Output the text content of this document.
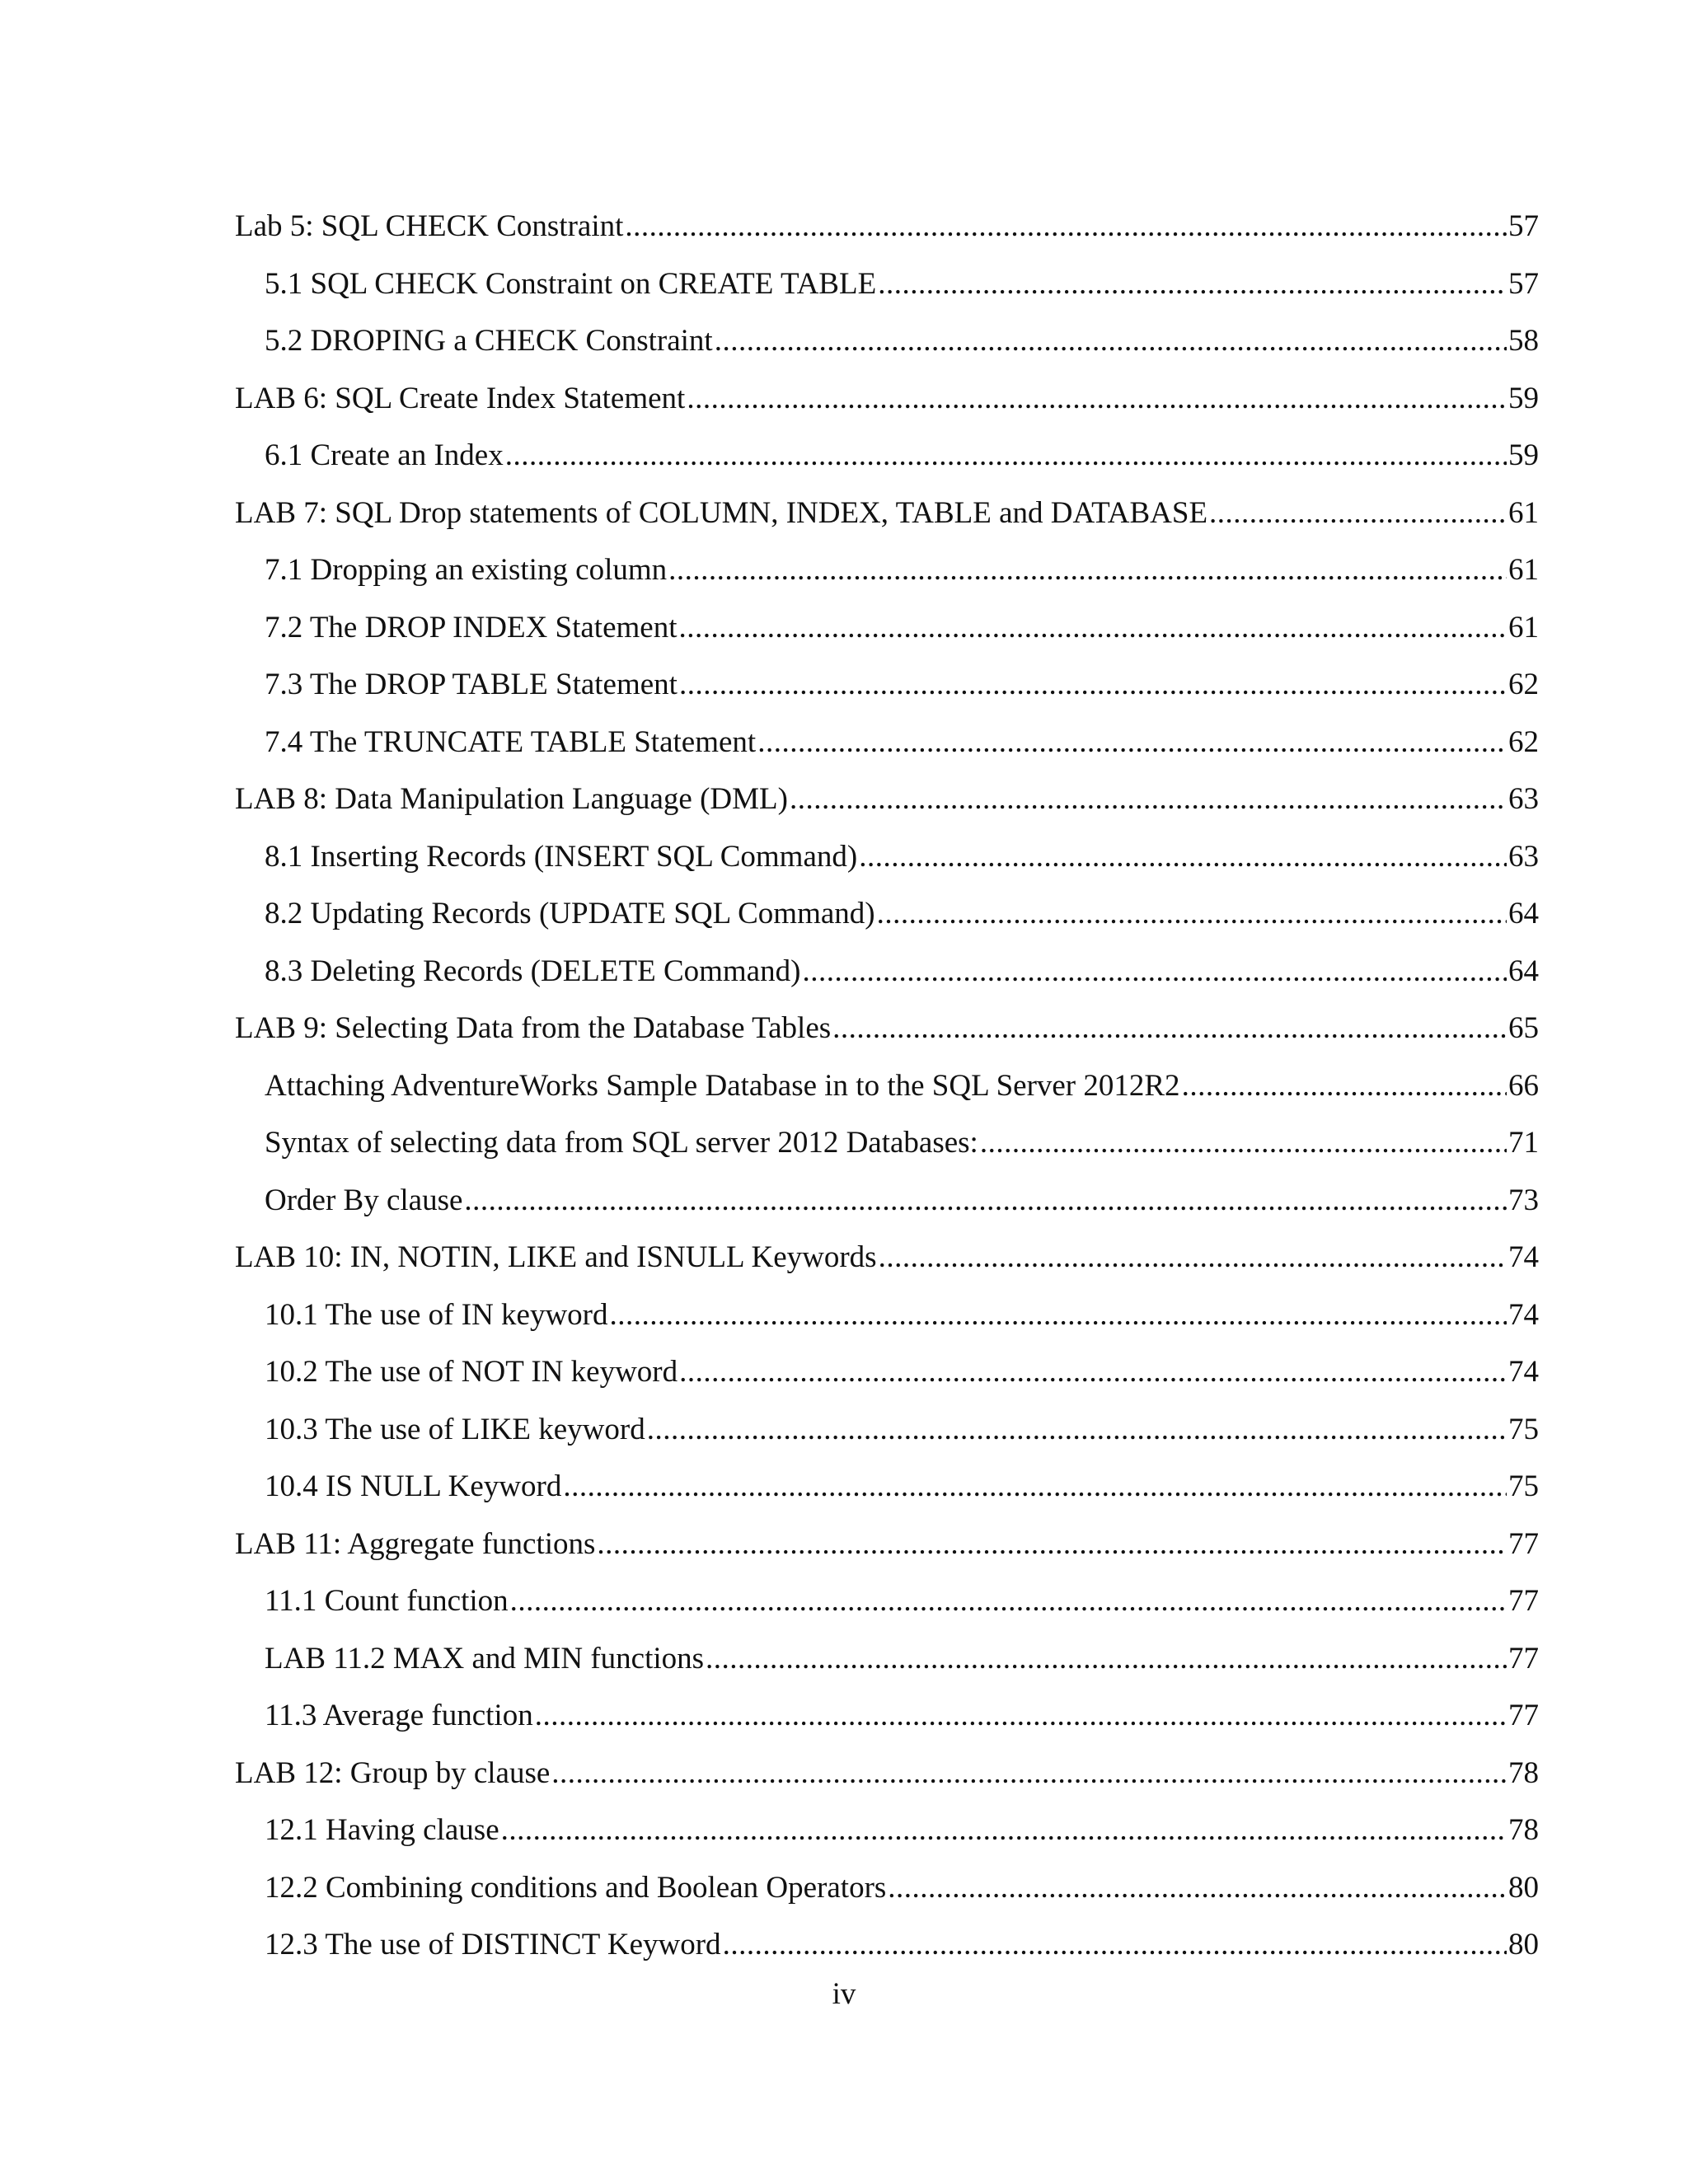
Lab 5: SQL CHECK Constraint .....	57
5.1 SQL CHECK Constraint on CREATE TABLE .....	57
5.2 DROPING a CHECK Constraint .....	58
LAB 6: SQL Create Index Statement .....	59
6.1 Create an Index .....	59
LAB 7: SQL Drop statements of COLUMN, INDEX, TABLE and DATABASE .....	61
7.1 Dropping an existing column .....	61
7.2 The DROP INDEX Statement .....	61
7.3 The DROP TABLE Statement .....	62
7.4 The TRUNCATE TABLE Statement .....	62
LAB 8: Data Manipulation Language (DML) .....	63
8.1 Inserting Records (INSERT SQL Command) .....	63
8.2 Updating Records (UPDATE SQL Command) .....	64
8.3 Deleting Records (DELETE Command) .....	64
LAB 9: Selecting Data from the Database Tables .....	65
Attaching AdventureWorks Sample Database in to the SQL Server 2012R2 .....	66
Syntax of selecting data from SQL server 2012 Databases: .....	71
Order By clause .....	73
LAB 10: IN, NOTIN, LIKE and ISNULL Keywords .....	74
10.1 The use of IN keyword .....	74
10.2 The use of NOT IN keyword .....	74
10.3 The use of LIKE keyword .....	75
10.4 IS NULL Keyword .....	75
LAB 11: Aggregate functions .....	77
11.1 Count function .....	77
LAB 11.2 MAX and MIN functions .....	77
11.3 Average function .....	77
LAB 12: Group by clause .....	78
12.1 Having clause .....	78
12.2 Combining conditions and Boolean Operators .....	80
12.3 The use of DISTINCT Keyword .....	80
iv
